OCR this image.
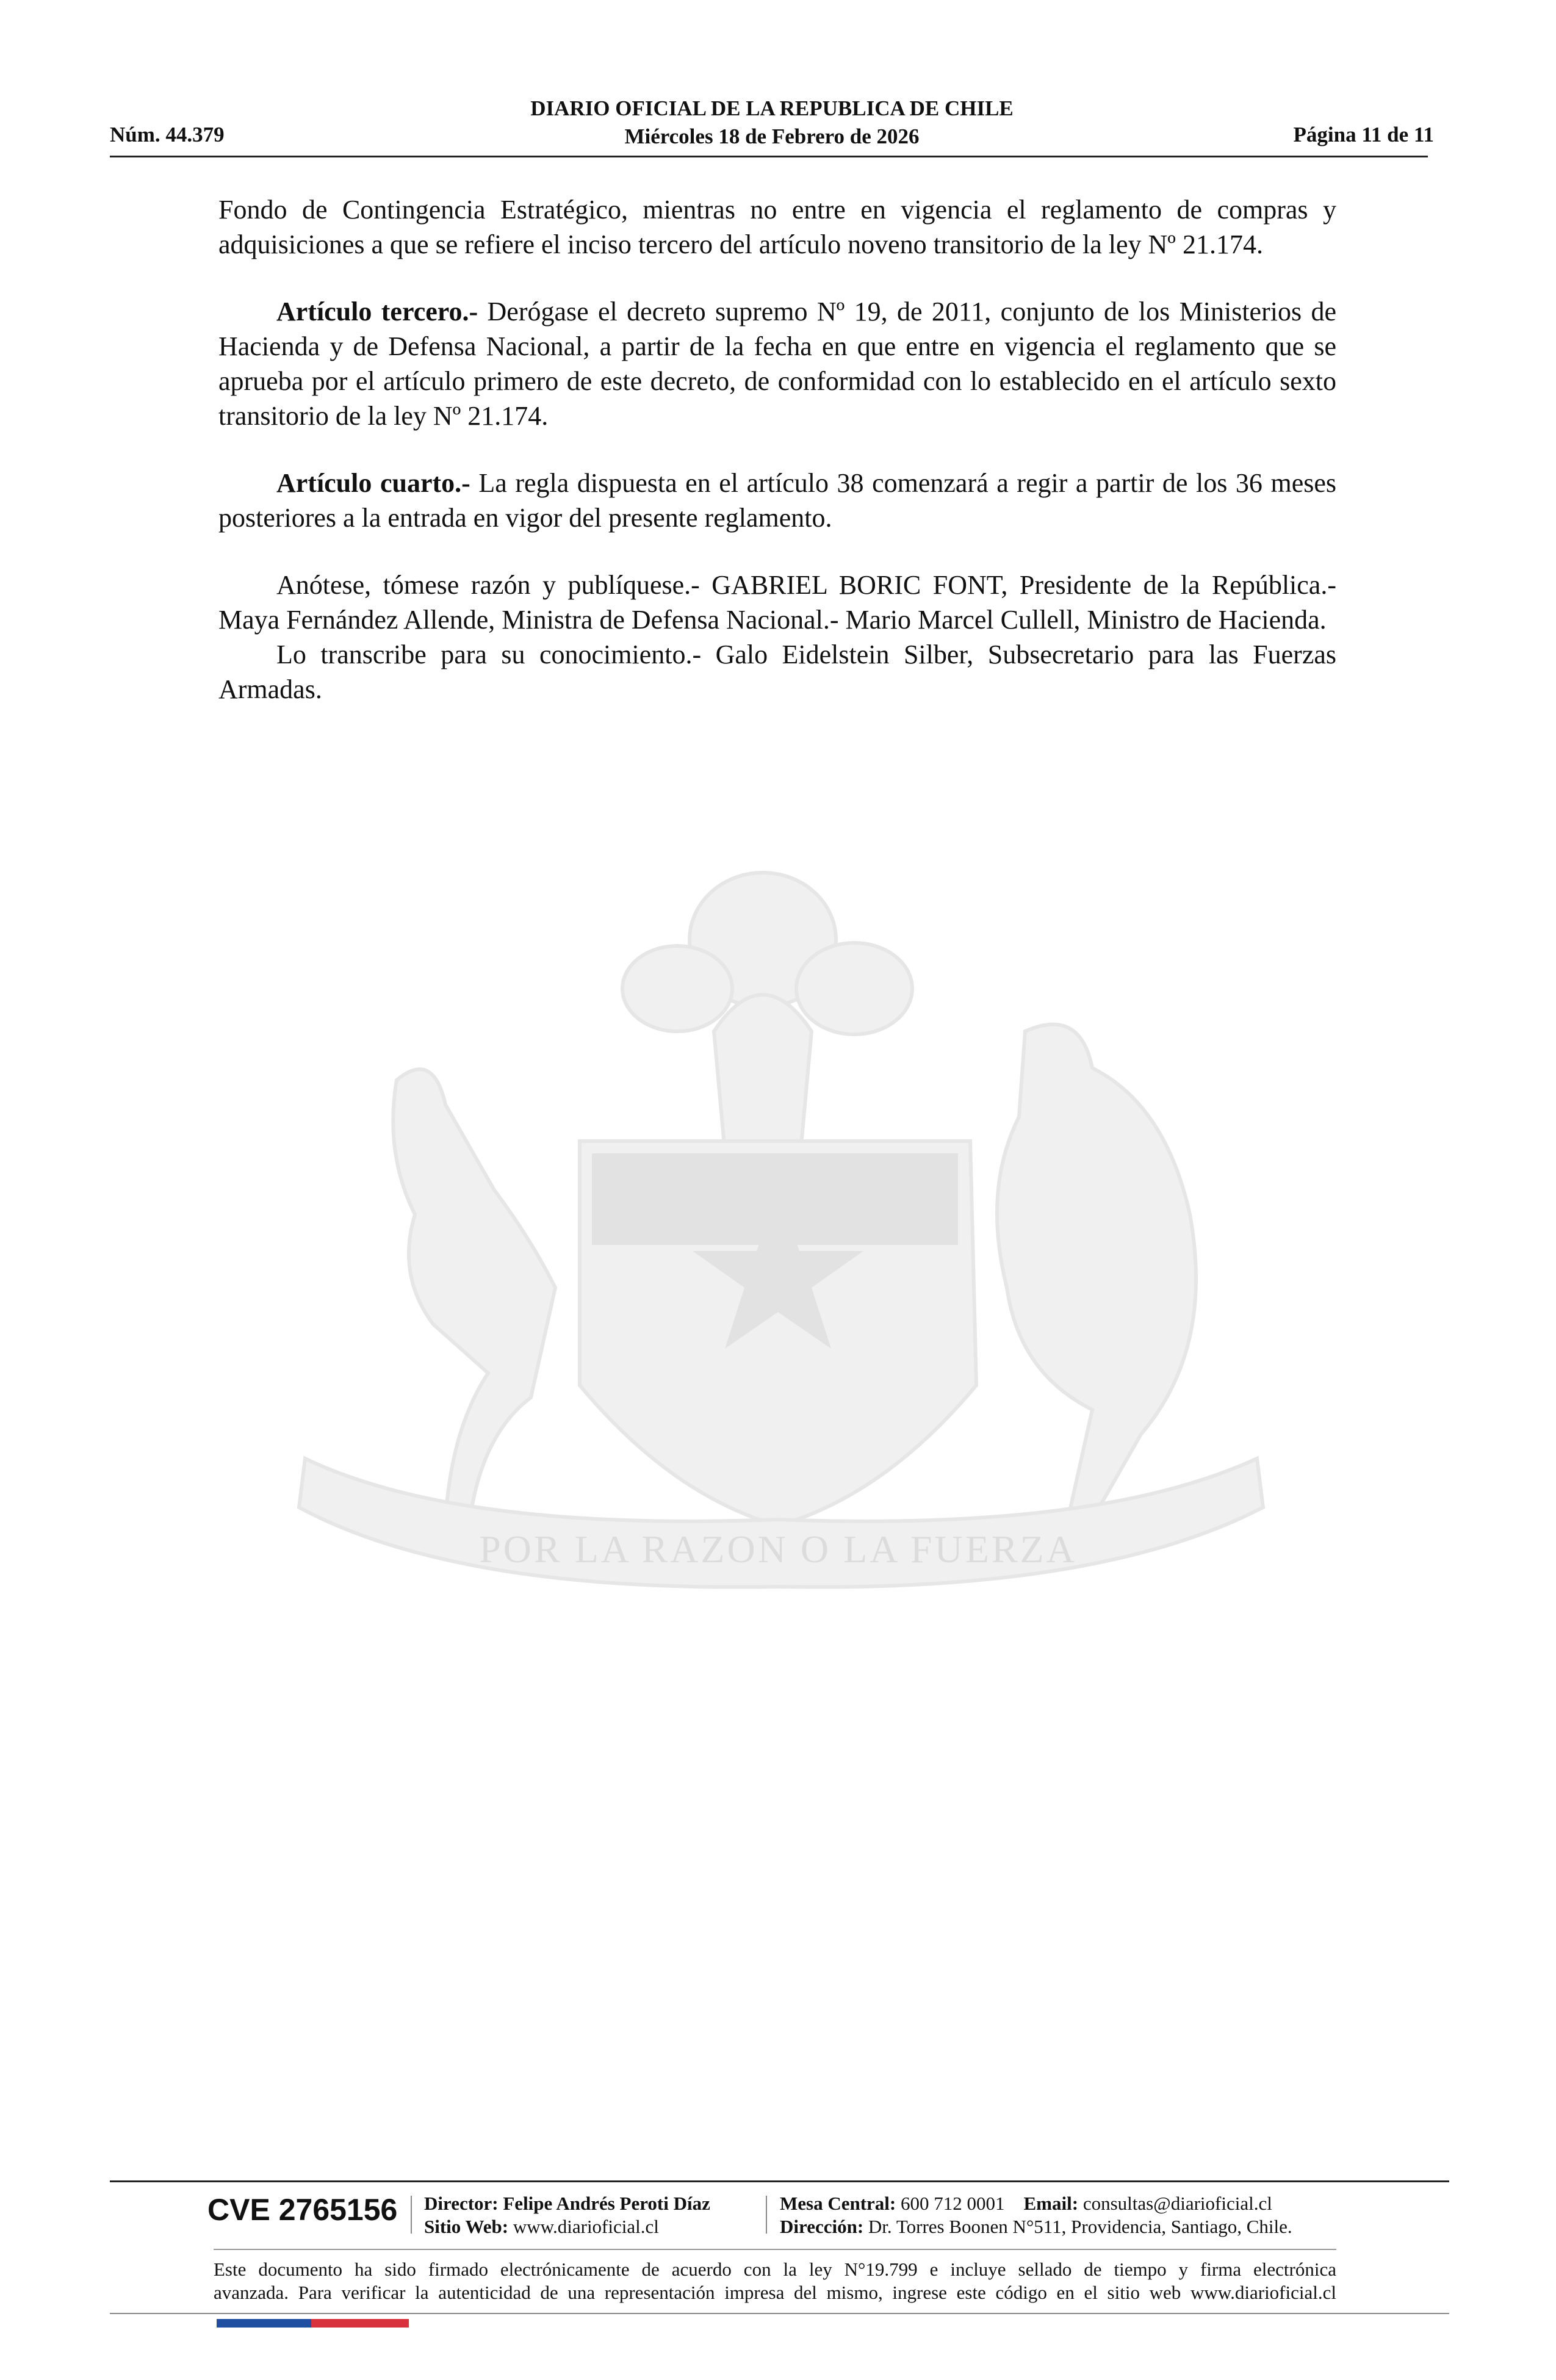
DIARIO OFICIAL DE LA REPUBLICA DE CHILE
Miércoles 18 de Febrero de 2026
Núm. 44.379	Página 11 de 11
POR LA RAZON O LA FUERZA

Fondo de Contingencia Estratégico, mientras no entre en vigencia el reglamento de compras y adquisiciones a que se refiere el inciso tercero del artículo noveno transitorio de la ley Nº 21.174.

Artículo tercero.- Derógase el decreto supremo Nº 19, de 2011, conjunto de los Ministerios de Hacienda y de Defensa Nacional, a partir de la fecha en que entre en vigencia el reglamento que se aprueba por el artículo primero de este decreto, de conformidad con lo establecido en el artículo sexto transitorio de la ley Nº 21.174.

Artículo cuarto.- La regla dispuesta en el artículo 38 comenzará a regir a partir de los 36 meses posteriores a la entrada en vigor del presente reglamento.

Anótese, tómese razón y publíquese.- GABRIEL BORIC FONT, Presidente de la República.- Maya Fernández Allende, Ministra de Defensa Nacional.- Mario Marcel Cullell, Ministro de Hacienda.

Lo transcribe para su conocimiento.- Galo Eidelstein Silber, Subsecretario para las Fuerzas Armadas.

CVE 2765156 Director: Felipe Andrés Peroti Díaz
Sitio Web: www.diarioficial.cl
Mesa Central: 600 712 0001 Email: consultas@diarioficial.cl
Dirección: Dr. Torres Boonen N°511, Providencia, Santiago, Chile.
Este documento ha sido firmado electrónicamente de acuerdo con la ley N°19.799 e incluye sellado de tiempo y firma electrónica
avanzada. Para verificar la autenticidad de una representación impresa del mismo, ingrese este código en el sitio web www.diarioficial.cl
